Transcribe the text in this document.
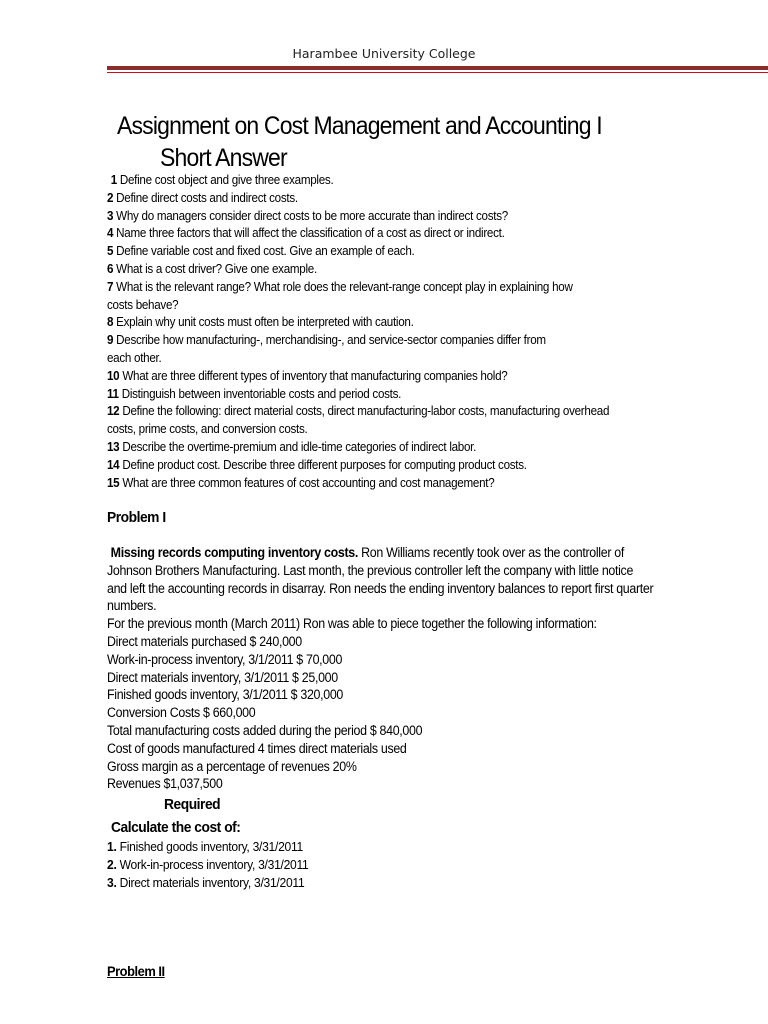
Harambee University College
Assignment on Cost Management and Accounting I
Short Answer
1 Define cost object and give three examples.
2 Define direct costs and indirect costs.
3 Why do managers consider direct costs to be more accurate than indirect costs?
4 Name three factors that will affect the classification of a cost as direct or indirect.
5 Define variable cost and fixed cost. Give an example of each.
6 What is a cost driver? Give one example.
7 What is the relevant range? What role does the relevant-range concept play in explaining how
costs behave?
8 Explain why unit costs must often be interpreted with caution.
9 Describe how manufacturing-, merchandising-, and service-sector companies differ from
each other.
10 What are three different types of inventory that manufacturing companies hold?
11 Distinguish between inventoriable costs and period costs.
12 Define the following: direct material costs, direct manufacturing-labor costs, manufacturing overhead
costs, prime costs, and conversion costs.
13 Describe the overtime-premium and idle-time categories of indirect labor.
14 Define product cost. Describe three different purposes for computing product costs.
15 What are three common features of cost accounting and cost management?
Problem I
Missing records computing inventory costs. Ron Williams recently took over as the controller of
Johnson Brothers Manufacturing. Last month, the previous controller left the company with little notice
and left the accounting records in disarray. Ron needs the ending inventory balances to report first quarter
numbers.
For the previous month (March 2011) Ron was able to piece together the following information:
Direct materials purchased $ 240,000
Work-in-process inventory, 3/1/2011 $ 70,000
Direct materials inventory, 3/1/2011 $ 25,000
Finished goods inventory, 3/1/2011 $ 320,000
Conversion Costs $ 660,000
Total manufacturing costs added during the period $ 840,000
Cost of goods manufactured 4 times direct materials used
Gross margin as a percentage of revenues 20%
Revenues $1,037,500
Required
Calculate the cost of:
1. Finished goods inventory, 3/31/2011
2. Work-in-process inventory, 3/31/2011
3. Direct materials inventory, 3/31/2011
Problem II
